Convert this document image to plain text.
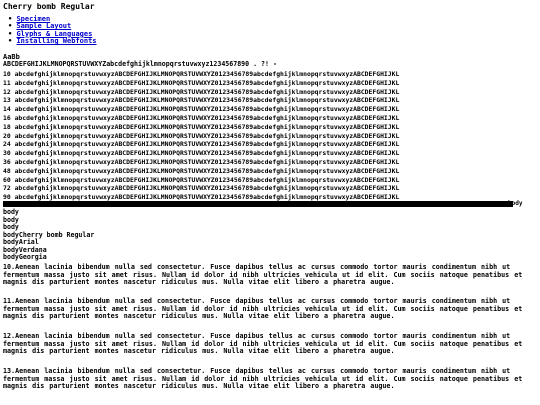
Cherry bomb Regular
• Specimen
• Sample Layout
• Glyphs & Languages
• Installing Webfonts
AaBb
ABCDEFGHIJKLMNOPQRSTUVWXYZabcdefghijklmnopqrstuvwxyz1234567890 . ?! -
10 abcdefghijklmnopqrstuvwxyzABCDEFGHIJKLMNOPQRSTUVWXYZ0123456789abcdefghijklmnopqrstuvwxyzABCDEFGHIJKL
11 abcdefghijklmnopqrstuvwxyzABCDEFGHIJKLMNOPQRSTUVWXYZ0123456789abcdefghijklmnopqrstuvwxyzABCDEFGHIJKL
12 abcdefghijklmnopqrstuvwxyzABCDEFGHIJKLMNOPQRSTUVWXYZ0123456789abcdefghijklmnopqrstuvwxyzABCDEFGHIJKL
13 abcdefghijklmnopqrstuvwxyzABCDEFGHIJKLMNOPQRSTUVWXYZ0123456789abcdefghijklmnopqrstuvwxyzABCDEFGHIJKL
14 abcdefghijklmnopqrstuvwxyzABCDEFGHIJKLMNOPQRSTUVWXYZ0123456789abcdefghijklmnopqrstuvwxyzABCDEFGHIJKL
16 abcdefghijklmnopqrstuvwxyzABCDEFGHIJKLMNOPQRSTUVWXYZ0123456789abcdefghijklmnopqrstuvwxyzABCDEFGHIJKL
18 abcdefghijklmnopqrstuvwxyzABCDEFGHIJKLMNOPQRSTUVWXYZ0123456789abcdefghijklmnopqrstuvwxyzABCDEFGHIJKL
20 abcdefghijklmnopqrstuvwxyzABCDEFGHIJKLMNOPQRSTUVWXYZ0123456789abcdefghijklmnopqrstuvwxyzABCDEFGHIJKL
24 abcdefghijklmnopqrstuvwxyzABCDEFGHIJKLMNOPQRSTUVWXYZ0123456789abcdefghijklmnopqrstuvwxyzABCDEFGHIJKL
30 abcdefghijklmnopqrstuvwxyzABCDEFGHIJKLMNOPQRSTUVWXYZ0123456789abcdefghijklmnopqrstuvwxyzABCDEFGHIJKL
36 abcdefghijklmnopqrstuvwxyzABCDEFGHIJKLMNOPQRSTUVWXYZ0123456789abcdefghijklmnopqrstuvwxyzABCDEFGHIJKL
48 abcdefghijklmnopqrstuvwxyzABCDEFGHIJKLMNOPQRSTUVWXYZ0123456789abcdefghijklmnopqrstuvwxyzABCDEFGHIJKL
60 abcdefghijklmnopqrstuvwxyzABCDEFGHIJKLMNOPQRSTUVWXYZ0123456789abcdefghijklmnopqrstuvwxyzABCDEFGHIJKL
72 abcdefghijklmnopqrstuvwxyzABCDEFGHIJKLMNOPQRSTUVWXYZ0123456789abcdefghijklmnopqrstuvwxyzABCDEFGHIJKL
90 abcdefghijklmnopqrstuvwxyzABCDEFGHIJKLMNOPQRSTUVWXYZ0123456789abcdefghijklmnopqrstuvwxyzABCDEFGHIJKL
body
body
body
body
bodyCherry bomb Regular
bodyArial
bodyVerdana
bodyGeorgia
10.Aenean lacinia bibendum nulla sed consectetur. Fusce dapibus tellus ac cursus commodo tortor mauris condimentum nibh ut fermentum massa justo sit amet risus. Nullam id dolor id nibh ultricies vehicula ut id elit. Cum sociis natoque penatibus et magnis dis parturient montes nascetur ridiculus mus. Nulla vitae elit libero a pharetra augue.
11.Aenean lacinia bibendum nulla sed consectetur. Fusce dapibus tellus ac cursus commodo tortor mauris condimentum nibh ut fermentum massa justo sit amet risus. Nullam id dolor id nibh ultricies vehicula ut id elit. Cum sociis natoque penatibus et magnis dis parturient montes nascetur ridiculus mus. Nulla vitae elit libero a pharetra augue.
12.Aenean lacinia bibendum nulla sed consectetur. Fusce dapibus tellus ac cursus commodo tortor mauris condimentum nibh ut fermentum massa justo sit amet risus. Nullam id dolor id nibh ultricies vehicula ut id elit. Cum sociis natoque penatibus et magnis dis parturient montes nascetur ridiculus mus. Nulla vitae elit libero a pharetra augue.
13.Aenean lacinia bibendum nulla sed consectetur. Fusce dapibus tellus ac cursus commodo tortor mauris condimentum nibh ut fermentum massa justo sit amet risus. Nullam id dolor id nibh ultricies vehicula ut id elit. Cum sociis natoque penatibus et magnis dis parturient montes nascetur ridiculus mus. Nulla vitae elit libero a pharetra augue.
